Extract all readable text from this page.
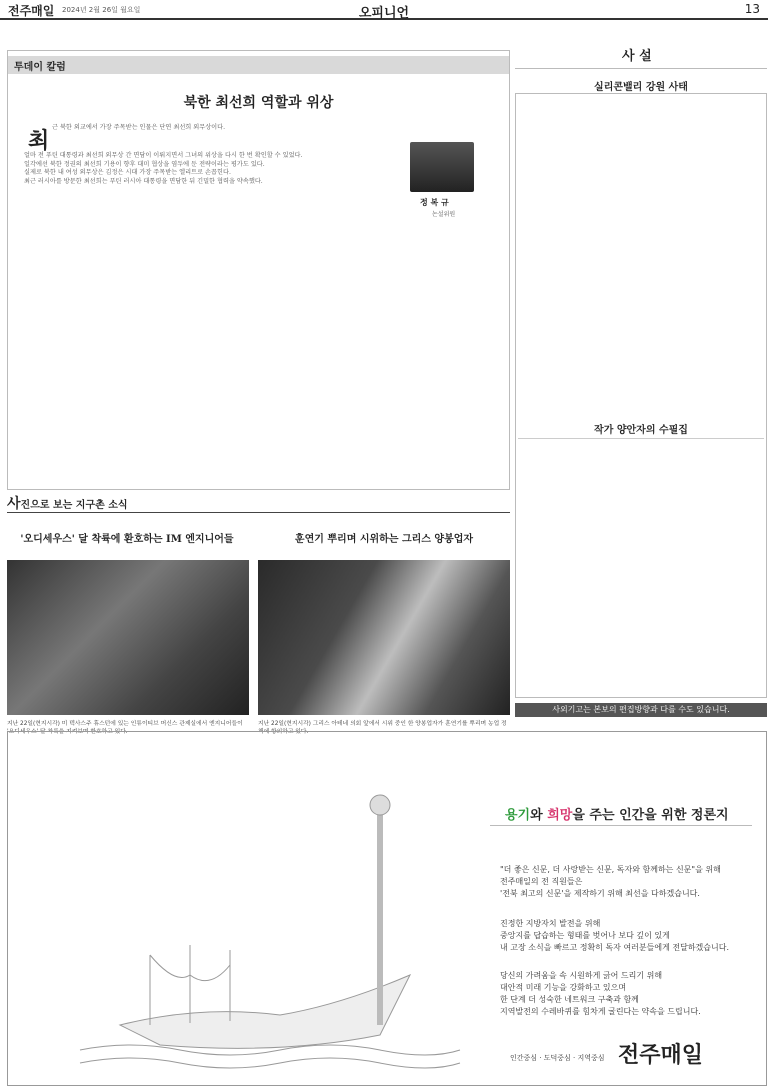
전주매일 2024년 2월 26일 월요일	오피니언	13
투데이 칼럼
북한 최선희 역할과 위상
최
정 복 규
논설위원
근 북한 외교에서 가장 주목받는 인물은 단연 최선희 외무상이다.
얼마 전 푸틴 대통령과 최선희 외무상 간 면담이 이뤄지면서 그녀의 위상을 다시 한 번 확인할 수 있었다.
일각에선 북한 정권의 최선희 기용이 향후 대미 협상을 염두에 둔 전략이라는 평가도 있다.
실제로 북한 내 여성 외무상은 김정은 시대 가장 주목받는 엘리트로 손꼽힌다.
최근 러시아를 방문한 최선희는 푸틴 러시아 대통령을 면담한 뒤 긴밀한 협력을 약속했다.
사 설
실리콘밸리 강원 사태
작가 양안자의 수필집
사외기고는 본보의 편집방향과 다를 수도 있습니다.
사진으로 보는 지구촌 소식
'오디세우스' 달 착륙에 환호하는 IM 엔지니어들	훈연기 뿌리며 시위하는 그리스 양봉업자
지난 22일(현지시각) 미 텍사스주 휴스턴에 있는 인튜이티브 머신스 관제실에서 엔지니어들이 '오디세우스' 달 착륙을 지켜보며 환호하고 있다.
지난 22일(현지시각) 그리스 아테네 의회 앞에서 시위 중인 한 양봉업자가 훈연기를 뿌리며 농업 정책에 항의하고 있다.
용기와 희망을 주는 인간을 위한 정론지
"더 좋은 신문, 더 사랑받는 신문, 독자와 함께하는 신문"을 위해
전주매일의 전 직원들은
'전북 최고의 신문'을 제작하기 위해 최선을 다하겠습니다.
진정한 지방자치 발전을 위해
중앙지를 답습하는 형태를 벗어나 보다 깊이 있게
내 고장 소식을 빠르고 정확히 독자 여러분들에게 전달하겠습니다.
당신의 가려움을 속 시원하게 긁어 드리기 위해
대안적 미래 기능을 강화하고 있으며
한 단계 더 성숙한 네트워크 구축과 함께
지역발전의 수레바퀴를 힘차게 굴린다는 약속을 드립니다.
인간중심 · 도덕중심 · 지역중심 전주매일
